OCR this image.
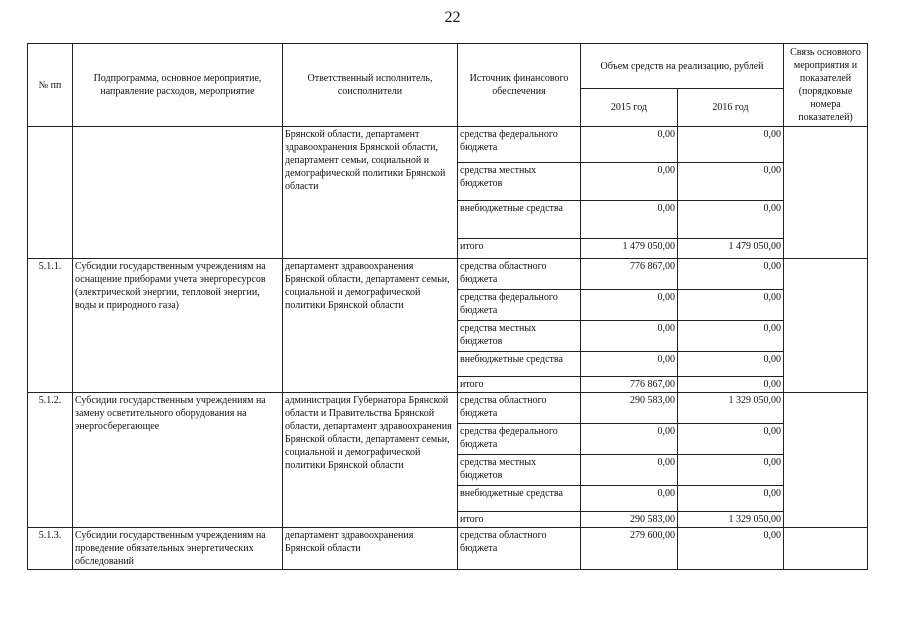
22
№ пп	Подпрограмма, основное мероприятие, направление расходов, мероприятие	Ответственный исполнитель, соисполнители	Источник финансового обеспечения	Объем средств на реализацию, рублей		Связь основного мероприятия и показателей (порядковые номера показателей)
				2015 год	2016 год	
		Брянской области, департамент здравоохранения Брянской области, департамент семьи, социальной и демографической политики Брянской области	средства федерального бюджета	0,00	0,00	
			средства местных бюджетов	0,00	0,00	
			внебюджетные средства	0,00	0,00	
			итого	1 479 050,00	1 479 050,00	
5.1.1.	Субсидии государственным учреждениям на оснащение приборами учета энергоресурсов (электрической энергии, тепловой энергии, воды и природного газа)	департамент здравоохранения Брянской области, департамент семьи, социальной и демографической политики Брянской области	средства областного бюджета	776 867,00	0,00	
			средства федерального бюджета	0,00	0,00	
			средства местных бюджетов	0,00	0,00	
			внебюджетные средства	0,00	0,00	
			итого	776 867,00	0,00	
5.1.2.	Субсидии государственным учреждениям на замену осветительного оборудования на энергосберегающее	администрация Губернатора Брянской области и Правительства Брянской области, департамент здравоохранения Брянской области, департамент семьи, социальной и демографической политики Брянской области	средства областного бюджета	290 583,00	1 329 050,00	
			средства федерального бюджета	0,00	0,00	
			средства местных бюджетов	0,00	0,00	
			внебюджетные средства	0,00	0,00	
			итого	290 583,00	1 329 050,00	
5.1.3.	Субсидии государственным учреждениям на проведение обязательных энергетических обследований	департамент здравоохранения Брянской области	средства областного бюджета	279 600,00	0,00	
